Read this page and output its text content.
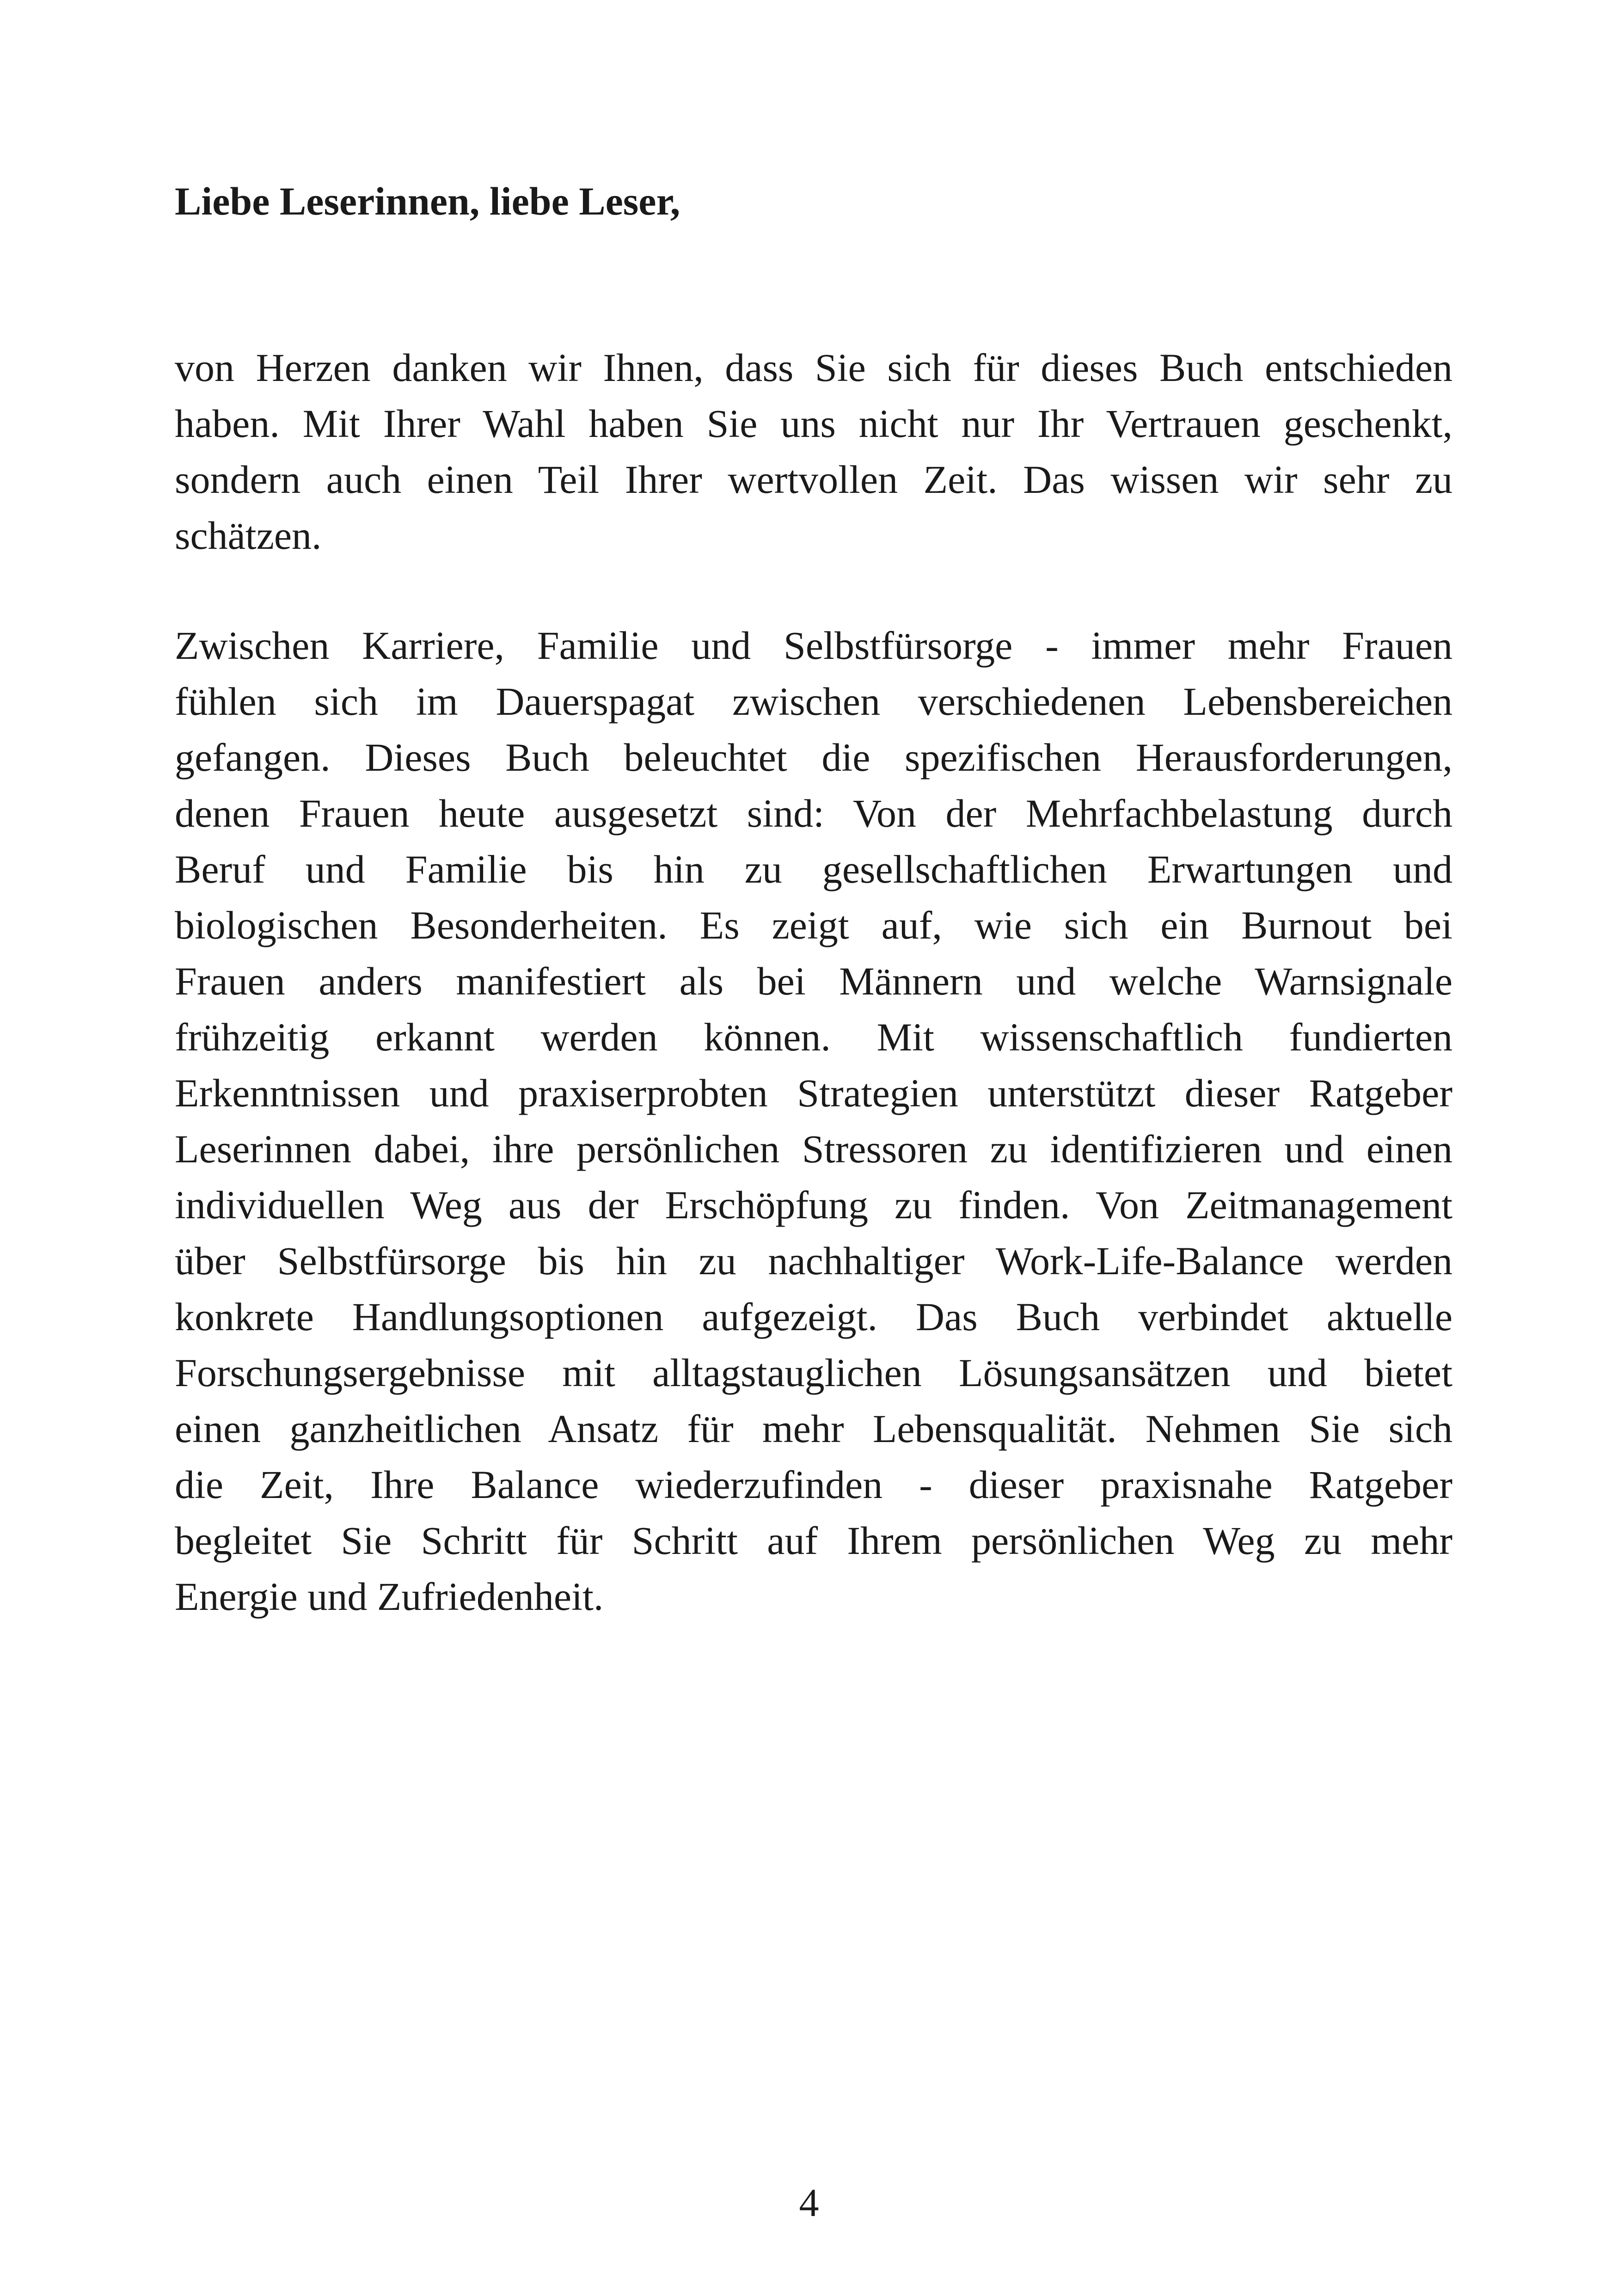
Liebe Leserinnen, liebe Leser,
von Herzen danken wir Ihnen, dass Sie sich für dieses Buch entschieden
haben. Mit Ihrer Wahl haben Sie uns nicht nur Ihr Vertrauen geschenkt,
sondern auch einen Teil Ihrer wertvollen Zeit. Das wissen wir sehr zu
schätzen.
Zwischen Karriere, Familie und Selbstfürsorge - immer mehr Frauen
fühlen sich im Dauerspagat zwischen verschiedenen Lebensbereichen
gefangen. Dieses Buch beleuchtet die spezifischen Herausforderungen,
denen Frauen heute ausgesetzt sind: Von der Mehrfachbelastung durch
Beruf und Familie bis hin zu gesellschaftlichen Erwartungen und
biologischen Besonderheiten. Es zeigt auf, wie sich ein Burnout bei
Frauen anders manifestiert als bei Männern und welche Warnsignale
frühzeitig erkannt werden können. Mit wissenschaftlich fundierten
Erkenntnissen und praxiserprobten Strategien unterstützt dieser Ratgeber
Leserinnen dabei, ihre persönlichen Stressoren zu identifizieren und einen
individuellen Weg aus der Erschöpfung zu finden. Von Zeitmanagement
über Selbstfürsorge bis hin zu nachhaltiger Work-Life-Balance werden
konkrete Handlungsoptionen aufgezeigt. Das Buch verbindet aktuelle
Forschungsergebnisse mit alltagstauglichen Lösungsansätzen und bietet
einen ganzheitlichen Ansatz für mehr Lebensqualität. Nehmen Sie sich
die Zeit, Ihre Balance wiederzufinden - dieser praxisnahe Ratgeber
begleitet Sie Schritt für Schritt auf Ihrem persönlichen Weg zu mehr
Energie und Zufriedenheit.
4
